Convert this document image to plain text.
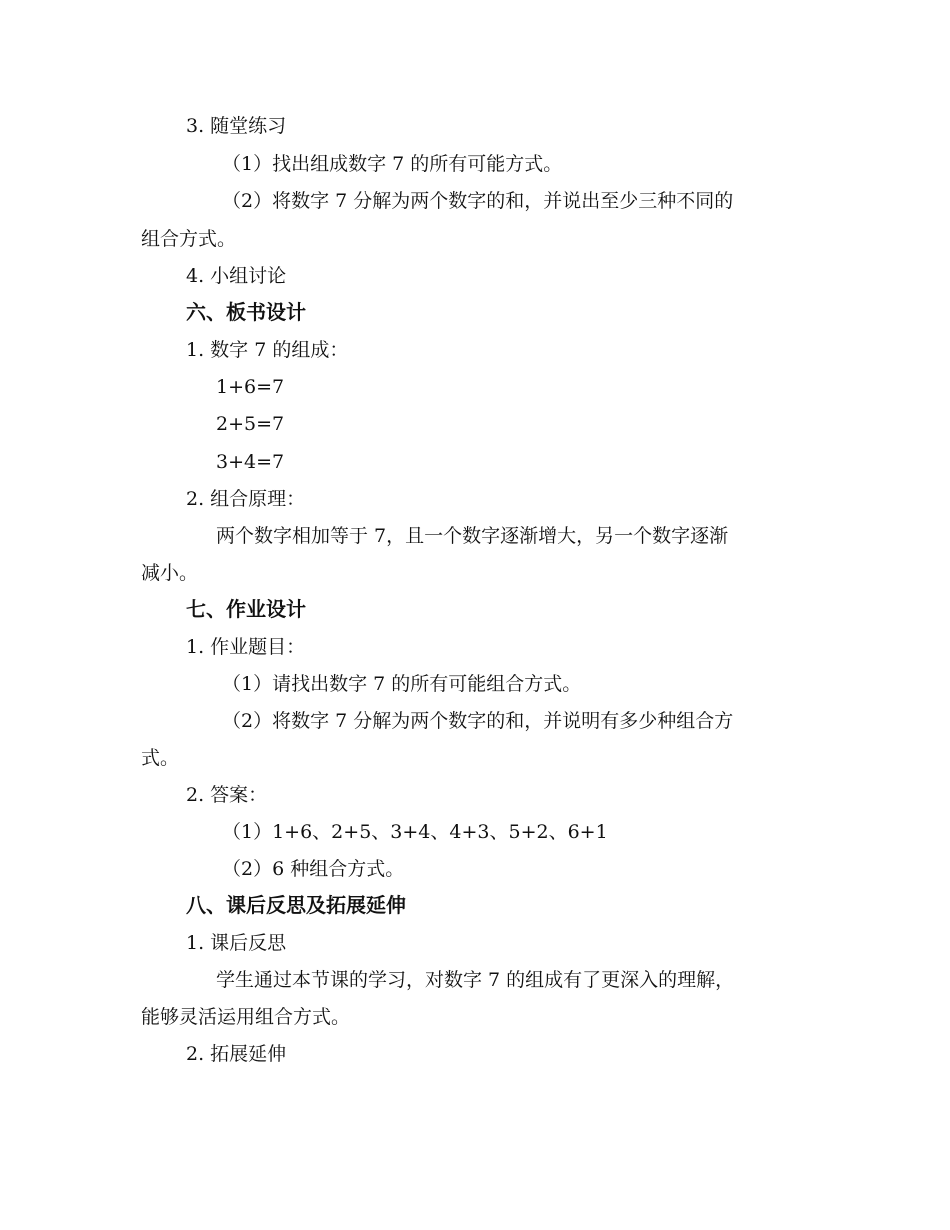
3. 随堂练习
（1）找出组成数字 7 的所有可能方式。
（2）将数字 7 分解为两个数字的和，并说出至少三种不同的
组合方式。
4. 小组讨论
六、板书设计
1. 数字 7 的组成：
1+6=7
2+5=7
3+4=7
2. 组合原理：
两个数字相加等于 7，且一个数字逐渐增大，另一个数字逐渐
减小。
七、作业设计
1. 作业题目：
（1）请找出数字 7 的所有可能组合方式。
（2）将数字 7 分解为两个数字的和，并说明有多少种组合方
式。
2. 答案：
（1）1+6、2+5、3+4、4+3、5+2、6+1
（2）6 种组合方式。
八、课后反思及拓展延伸
1. 课后反思
学生通过本节课的学习，对数字 7 的组成有了更深入的理解，
能够灵活运用组合方式。
2. 拓展延伸
